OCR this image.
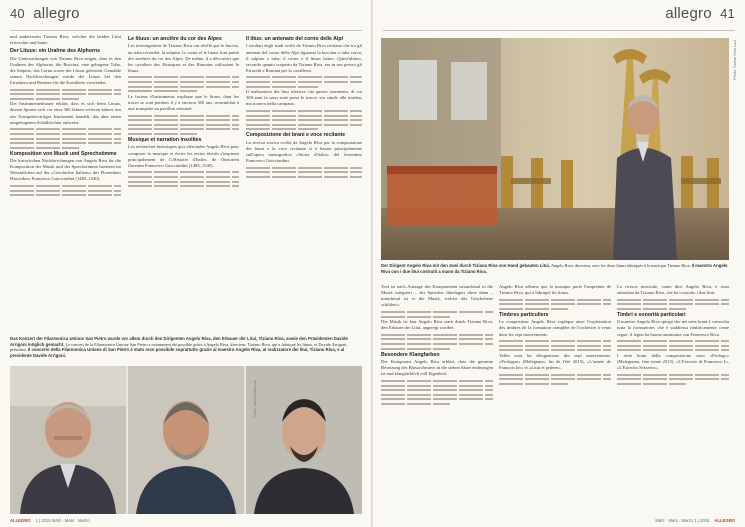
40 allegro

und anderersein Tiziano Riva, welcher die beiden Litui erforschte und baute.

Der Lituus: ein Urahne des Alphorns

Die Untersuchungen von Tiziano Riva zeigen, dass es den Urahnen des Alphorns, die Buccina, eine gebogene Tuba, die Salpinx, das Cornu sowie der Lituus gehörten, Gemälde seinen Nachforschungen wurde der Lituus bei den Etruskern und Römern für die Kavallerie verwendet.

Der Instrumentenbauer erklärt, dass es sich beim Lituus, dessen Spuren sich vor etwa 300 Jahren verloren hätten, um ein Trompeten-artiges Instrument handelt, das aber einen umgebogenen Schalltrichter aufweist.

Komposition von Musik und Sprechstimme

Die historischen Nachforschungen von Angelo Riva für die Komposition der Musik und der Sprechstimme basieren im Wesentlichen auf der «Geschichte Italiens» des Florentiner Historikers Francesco Guicciardini (1483–1540).

Le lituus: un ancêtre du cor des Alpes

Les investigations de Tiziano Riva ont révélé que le buccin, un tuba recourbé, la salpinx, le cornu et le lituus font partie des ancêtres du cor des Alpes. De même, il a découvert que les cavaliers des Etrusques et des Romains utilisaient le lituus.

Le facteur d'instruments explique que le lituus, dont les traces se sont perdues il y a environ 300 ans, ressemblait à une trompette au pavillon retourné.

Musique et narration insolites

Les recherches historiques qu'a effectuées Angelo Riva pour composer la musique et écrire les textes récités s'inspirent principalement de l'«Histoire d'Italie» de l'historien florentin Francesco Guicciardini (1483–1540).

Il lituo: un antenato del corno delle Alpi

I risultati degli studi svolti da Tiziano Riva rivelano che tra gli antenati del corno delle Alpi figurano la buccina o tuba curva, il salpinx o tuba, il cornu e il lituus latino. Quest'ultimo, secondo quanto scoperto da Tiziano Riva, era in uso presso gli Etruschi e Romani per la cavalleria.

Il realizzatore dei litui riferisce che questo strumento, di cui 300 anni fa sono state perse le tracce, era simile alla tromba, ma ricurvo nella campana.

Composizione dei brani e voce recitante

La ricerca storica svolta da Angelo Riva per la composizione dei brani e la voce recitante si è basata principalmente sull'opera monografica «Storia d'Italia» del fiorentino Francesco Guicciardini.

Das Konzert der Filarmonica Unione San Pietro wurde vor allem durch den Dirigenten Angelo Riva, den Erbauer der Litui, Tiziano Riva, sowie den Präsidenten Davide Arrigoni möglich gemacht. Le concert de la Filarmonica Unione San Pietro a notamment été possible grâce à Angelo Riva, directeur, Tiziano Riva, qui a fabriqué les lituus, et Davide Arrigoni, président. Il concerto della Filarmonica Unione di San Pietro è stato reso possibile soprattutto grazie al maestro Angelo Riva, al realizzatore dei litui, Tiziano Riva, e al presidente Davide Arrigoni.
Photo: Sacha Gola Luzi
ALLEGRO 1 | 2015 März · Mars · Marzo
allegro 41
Photo: Sacha Gola Luzi
Der Dirigent Angelo Riva mit den zwei durch Tiziano Riva von Hand gebauten Litui. Angelo Riva, directeur, avec les deux lituus fabriqués à la main par Tiziano Riva. Il maestro Angelo Riva con i due litui costruiti a mano da Tiziano Riva.

Text ist nach Aussage des Komponisten «manchmal in die Musik integriert – der Sprecher überlagert diese dann – manchmal ist er die Musik, welche das Geschehene schildert».

Die Musik ist laut Angelo Riva stark durch Tiziano Riva, den Erbauer der Litui, angeregt worden.

Besondere Klangfarben

Der Komponist Angelo Riva erklärt, dass die gesamte Besetzung des Blasorchesters in die sieben Sätze einbezogen ist und klangfarblich voll Eigenheit.

Angelo Riva affirme que la musique porte l'empreinte de Tiziano Riva, qui a fabriqué les lituus.

Timbres particuliers

Le compositeur Angelo Riva explique ainsi l'exploitation des timbres de la formation complète de l'orchestre à vents dans les sept mouvements.

Telles sont les désignations des sept mouvements: «Prologue» (Melegnano, fin de l'été 2015), «L'armée de François Ier» et «Litui et prières».

La ricerca musicale, come dice Angelo Riva, è stata stimolata da Tiziano Riva, che ha costruito i due litui.

Timbri e sonorità particolari

Il maestro Angelo Riva spiega che nei sette brani è coinvolta tutta la formazione, che è suddivisa timbricamente come segue: il legno ha buono antinomia con Francesco Riva.

I sette brani della composizione sono «Prologo» (Melegnano, fine estate 2015), «L'Esercito di Francesco I», «L'Esercito Svizzero».

März · Mars · Marzo 1 | 2015 ALLEGRO
